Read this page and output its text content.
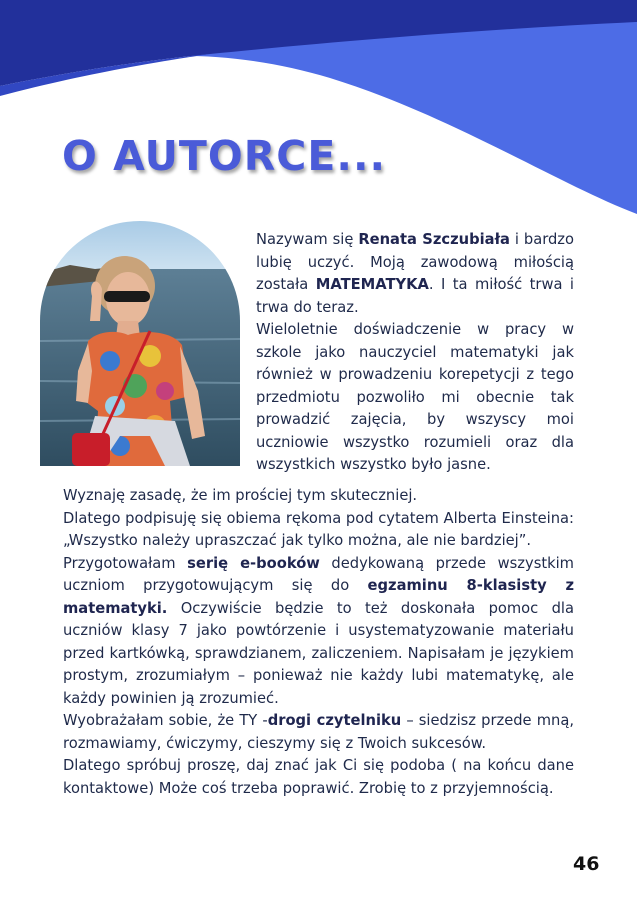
O AUTORCE...

Nazywam się Renata Szczubiała i bardzo lubię uczyć. Moją zawodową miłością została MATEMATYKA. I ta miłość trwa i trwa do teraz.

Wieloletnie doświadczenie w pracy w szkole jako nauczyciel matematyki jak również w prowadzeniu korepetycji z tego przedmiotu pozwoliło mi obecnie tak prowadzić zajęcia, by wszyscy moi uczniowie wszystko rozumieli oraz dla wszystkich wszystko było jasne.

Wyznaję zasadę, że im prościej tym skuteczniej.

Dlatego podpisuję się obiema rękoma pod cytatem Alberta Einsteina: „Wszystko należy upraszczać jak tylko można, ale nie bardziej”.

Przygotowałam serię e-booków dedykowaną przede wszystkim uczniom przygotowującym się do egzaminu 8-klasisty z matematyki. Oczywiście będzie to też doskonała pomoc dla uczniów klasy 7 jako powtórzenie i usystematyzowanie materiału przed kartkówką, sprawdzianem, zaliczeniem. Napisałam je językiem prostym, zrozumiałym – ponieważ nie każdy lubi matematykę, ale każdy powinien ją zrozumieć.

Wyobrażałam sobie, że TY -drogi czytelniku – siedzisz przede mną, rozmawiamy, ćwiczymy, cieszymy się z Twoich sukcesów.

Dlatego spróbuj proszę, daj znać jak Ci się podoba ( na końcu dane kontaktowe) Może coś trzeba poprawić. Zrobię to z przyjemnością.

46
